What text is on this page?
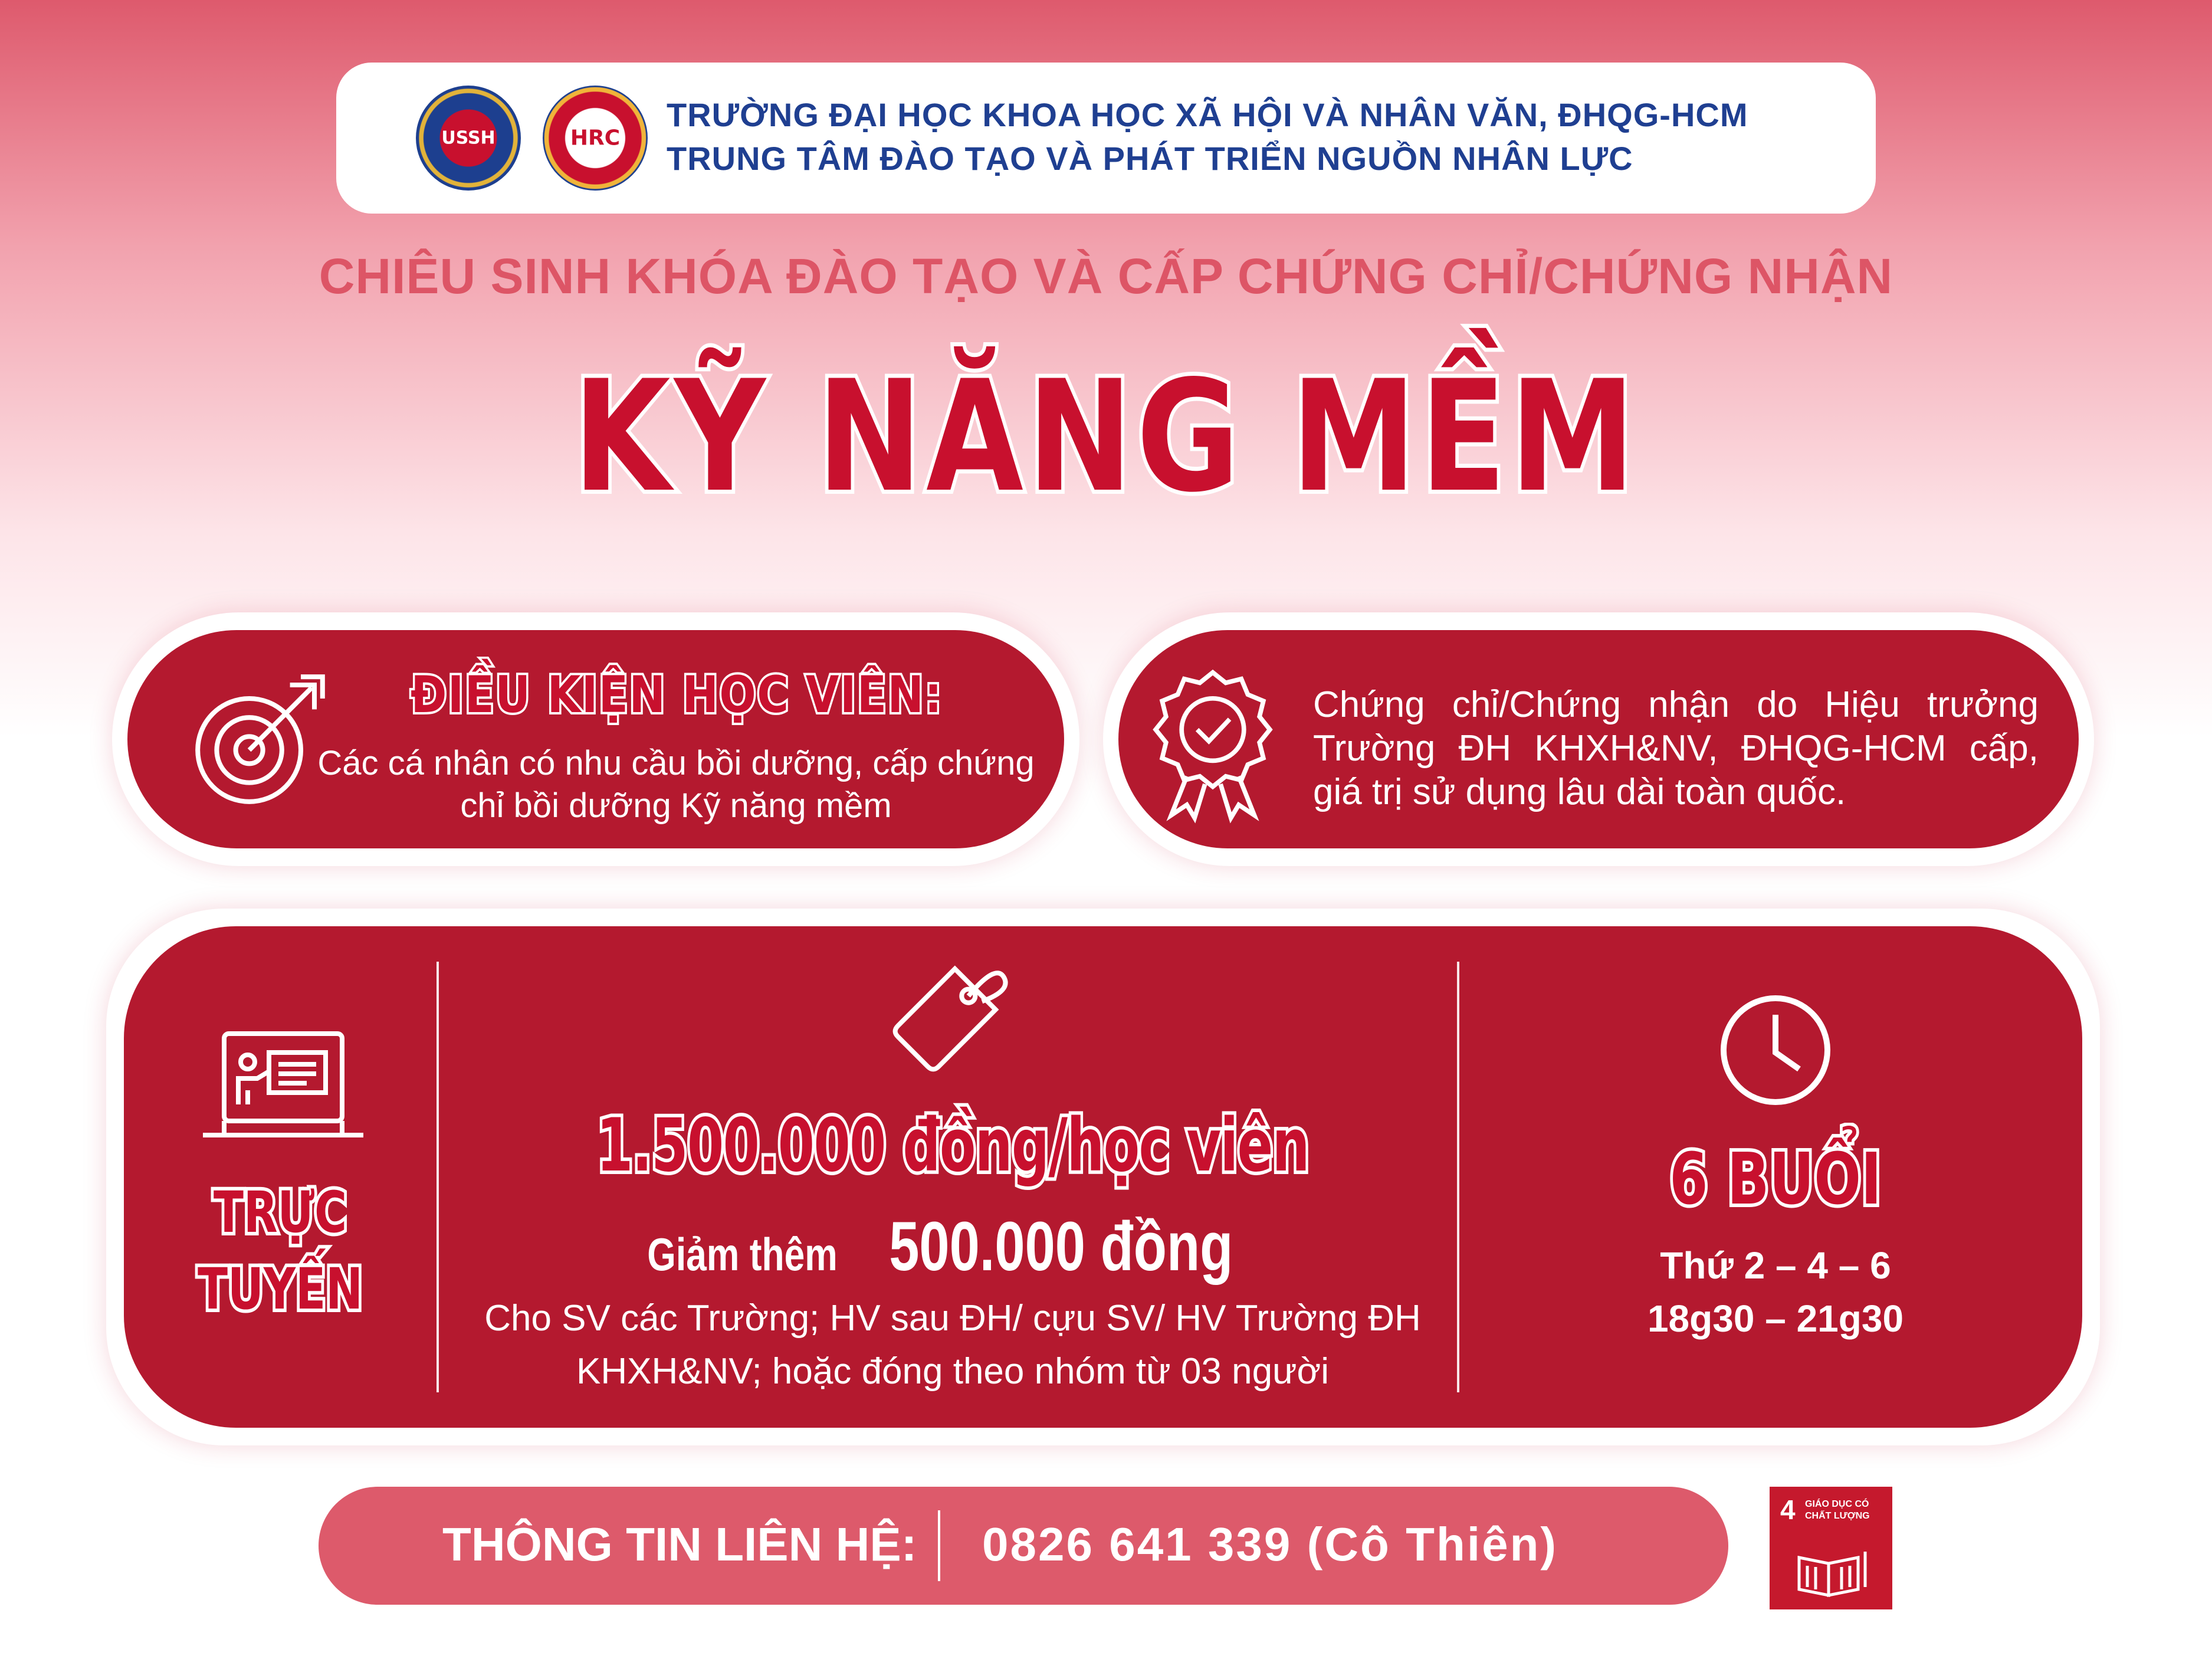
USSH	HRC
TRƯỜNG ĐẠI HỌC KHOA HỌC XÃ HỘI VÀ NHÂN VĂN, ĐHQG-HCM
TRUNG TÂM ĐÀO TẠO VÀ PHÁT TRIỂN NGUỒN NHÂN LỰC
CHIÊU SINH KHÓA ĐÀO TẠO VÀ CẤP CHỨNG CHỈ/CHỨNG NHẬN
KỸ NĂNG MỀM
ĐIỀU KIỆN HỌC VIÊN:
Các cá nhân có nhu cầu bồi dưỡng, cấp chứng chỉ bồi dưỡng Kỹ năng mềm
Chứng chỉ/Chứng nhận do Hiệu trưởng Trường ĐH KHXH&NV, ĐHQG-HCM cấp, giá trị sử dụng lâu dài toàn quốc.
TRỰC
TUYẾN
1.500.000 đồng/học viên
Giảm thêm 500.000 đồng
Cho SV các Trường; HV sau ĐH/ cựu SV/ HV Trường ĐH KHXH&NV; hoặc đóng theo nhóm từ 03 người
6 BUỔI
Thứ 2 – 4 – 6
18g30 – 21g30
THÔNG TIN LIÊN HỆ: 0826 641 339 (Cô Thiên)
4 GIÁO DỤC CÓ CHẤT LƯỢNG
